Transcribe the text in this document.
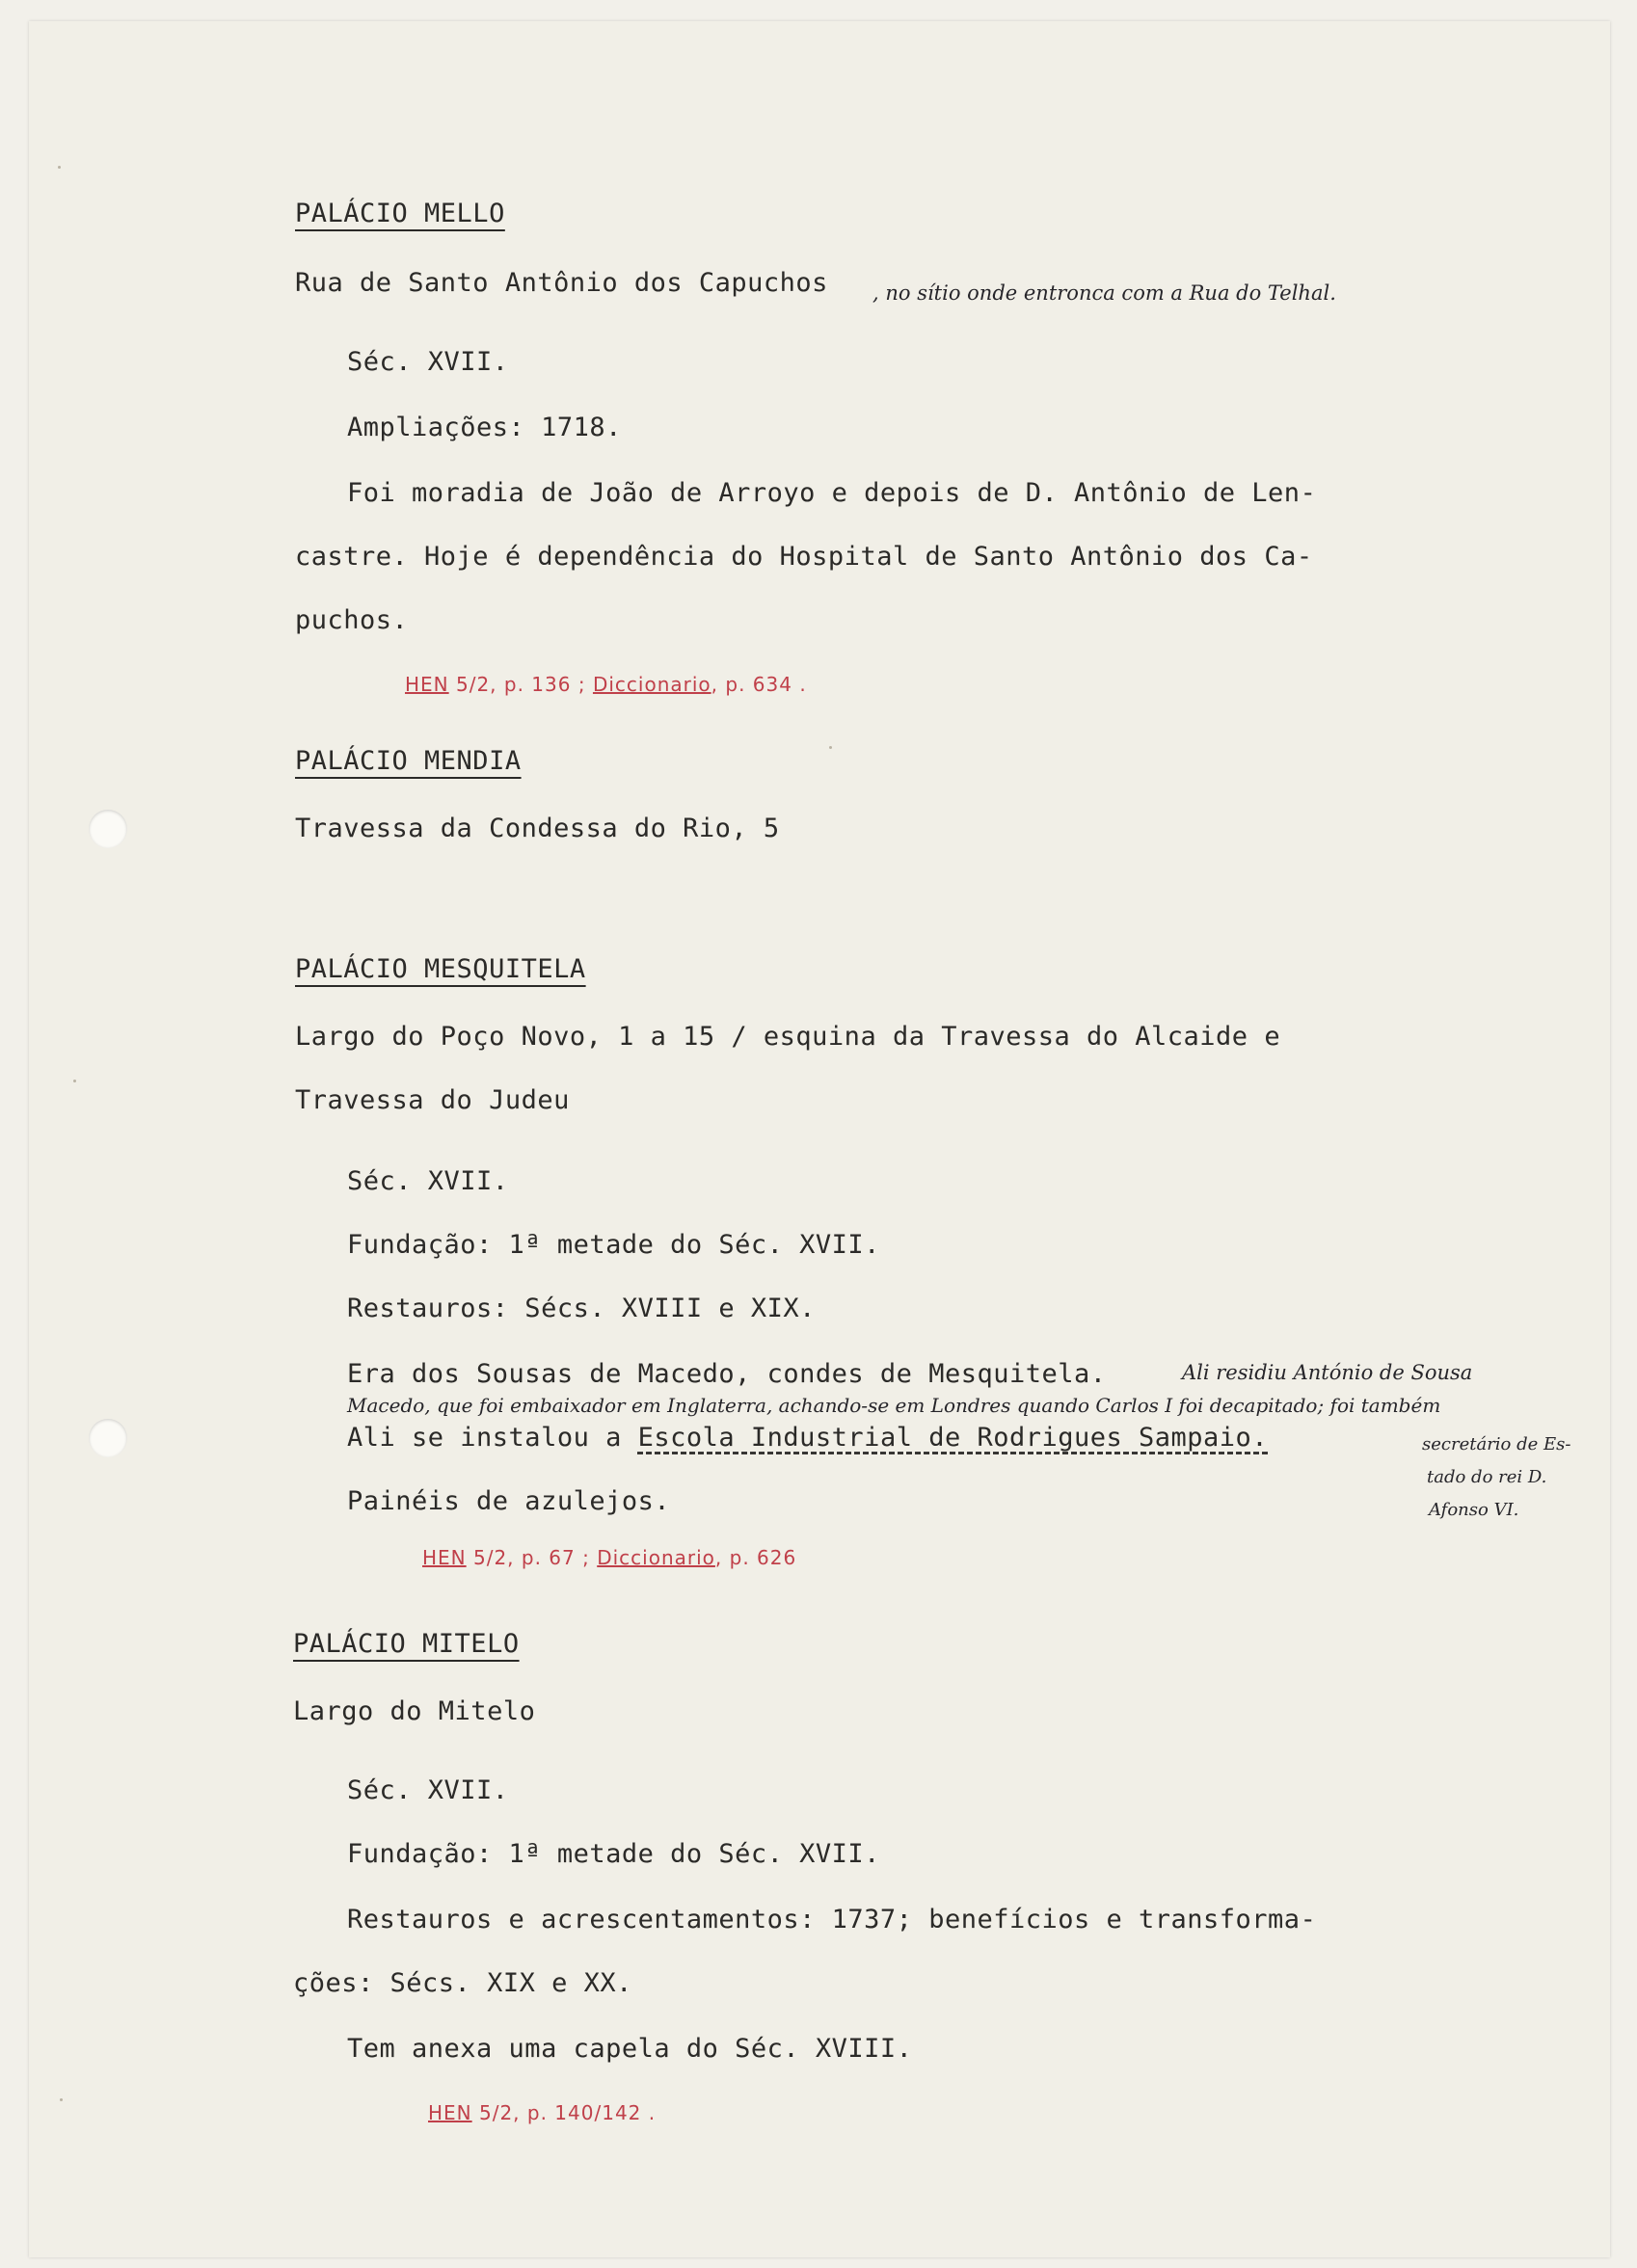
PALÁCIO MELLO
Rua de Santo Antônio dos Capuchos , no sítio onde entronca com a Rua do Telhal.
Séc. XVII.
Ampliações: 1718.
Foi moradia de João de Arroyo e depois de D. Antônio de Len-
castre. Hoje é dependência do Hospital de Santo Antônio dos Ca-
puchos.
HEN 5/2, p. 136 ; Diccionario, p. 634 .
PALÁCIO MENDIA
Travessa da Condessa do Rio, 5
PALÁCIO MESQUITELA
Largo do Poço Novo, 1 a 15 / esquina da Travessa do Alcaide e
Travessa do Judeu
Séc. XVII.
Fundação: 1ª metade do Séc. XVII.
Restauros: Sécs. XVIII e XIX.
Era dos Sousas de Macedo, condes de Mesquitela.	Ali residiu António de Sousa
Macedo, que foi embaixador em Inglaterra, achando-se em Londres quando Carlos I foi decapitado; foi também
Ali se instalou a Escola Industrial de Rodrigues Sampaio.	secretário de Es-
tado do rei D.
Afonso VI.
Painéis de azulejos.
HEN 5/2, p. 67 ; Diccionario, p. 626
PALÁCIO MITELO
Largo do Mitelo
Séc. XVII.
Fundação: 1ª metade do Séc. XVII.
Restauros e acrescentamentos: 1737; benefícios e transforma-
ções: Sécs. XIX e XX.
Tem anexa uma capela do Séc. XVIII.
HEN 5/2, p. 140/142 .
